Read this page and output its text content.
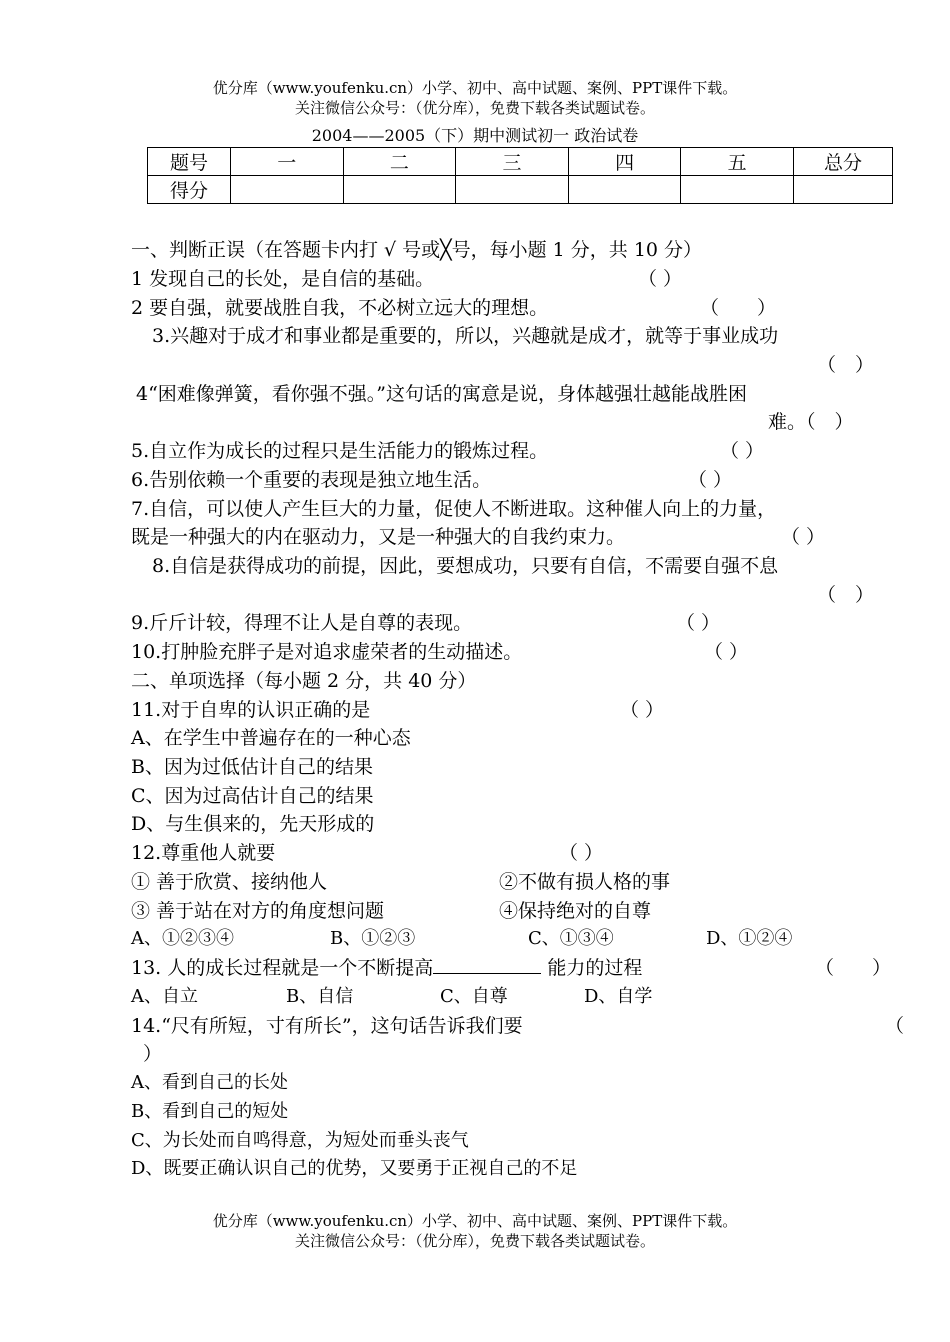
优分库（www.youfenku.cn）小学、初中、高中试题、案例、PPT课件下载。
关注微信公众号：（优分库），免费下载各类试题试卷。
2004——2005（下）期中测试初一 政治试卷
题号	一	二	三	四	五	总分
得分						
一、判断正误（在答题卡内打 √ 号或╳号，每小题 1 分，共 10 分）
1 发现自己的长处，是自信的基础。	（ ）
2 要自强，就要战胜自我，不必树立远大的理想。	（　　）
3.兴趣对于成才和事业都是重要的，所以，兴趣就是成才，就等于事业成功
（　）
4“困难像弹簧，看你强不强。”这句话的寓意是说，身体越强壮越能战胜困
难。（　）
5.自立作为成长的过程只是生活能力的锻炼过程。	（ ）
6.告别依赖一个重要的表现是独立地生活。	（ ）
7.自信，可以使人产生巨大的力量，促使人不断进取。这种催人向上的力量，
既是一种强大的内在驱动力，又是一种强大的自我约束力。	（ ）
8.自信是获得成功的前提，因此，要想成功，只要有自信，不需要自强不息
（　）
9.斤斤计较，得理不让人是自尊的表现。	（ ）
10.打肿脸充胖子是对追求虚荣者的生动描述。	（ ）
二、单项选择（每小题 2 分，共 40 分）
11.对于自卑的认识正确的是	（ ）
A、在学生中普遍存在的一种心态
B、因为过低估计自己的结果
C、因为过高估计自己的结果
D、与生俱来的，先天形成的
12.尊重他人就要	（ ）
① 善于欣赏、接纳他人	②不做有损人格的事
③ 善于站在对方的角度想问题	④保持绝对的自尊
A、①②③④	B、①②③	C、①③④	D、①②④
13. 人的成长过程就是一个不断提高	能力的过程	（　　）
A、自立	B、自信	C、自尊	D、自学
14.“尺有所短，寸有所长”，这句话告诉我们要	（
）
A、看到自己的长处
B、看到自己的短处
C、为长处而自鸣得意，为短处而垂头丧气
D、既要正确认识自己的优势，又要勇于正视自己的不足
优分库（www.youfenku.cn）小学、初中、高中试题、案例、PPT课件下载。
关注微信公众号：（优分库），免费下载各类试题试卷。
